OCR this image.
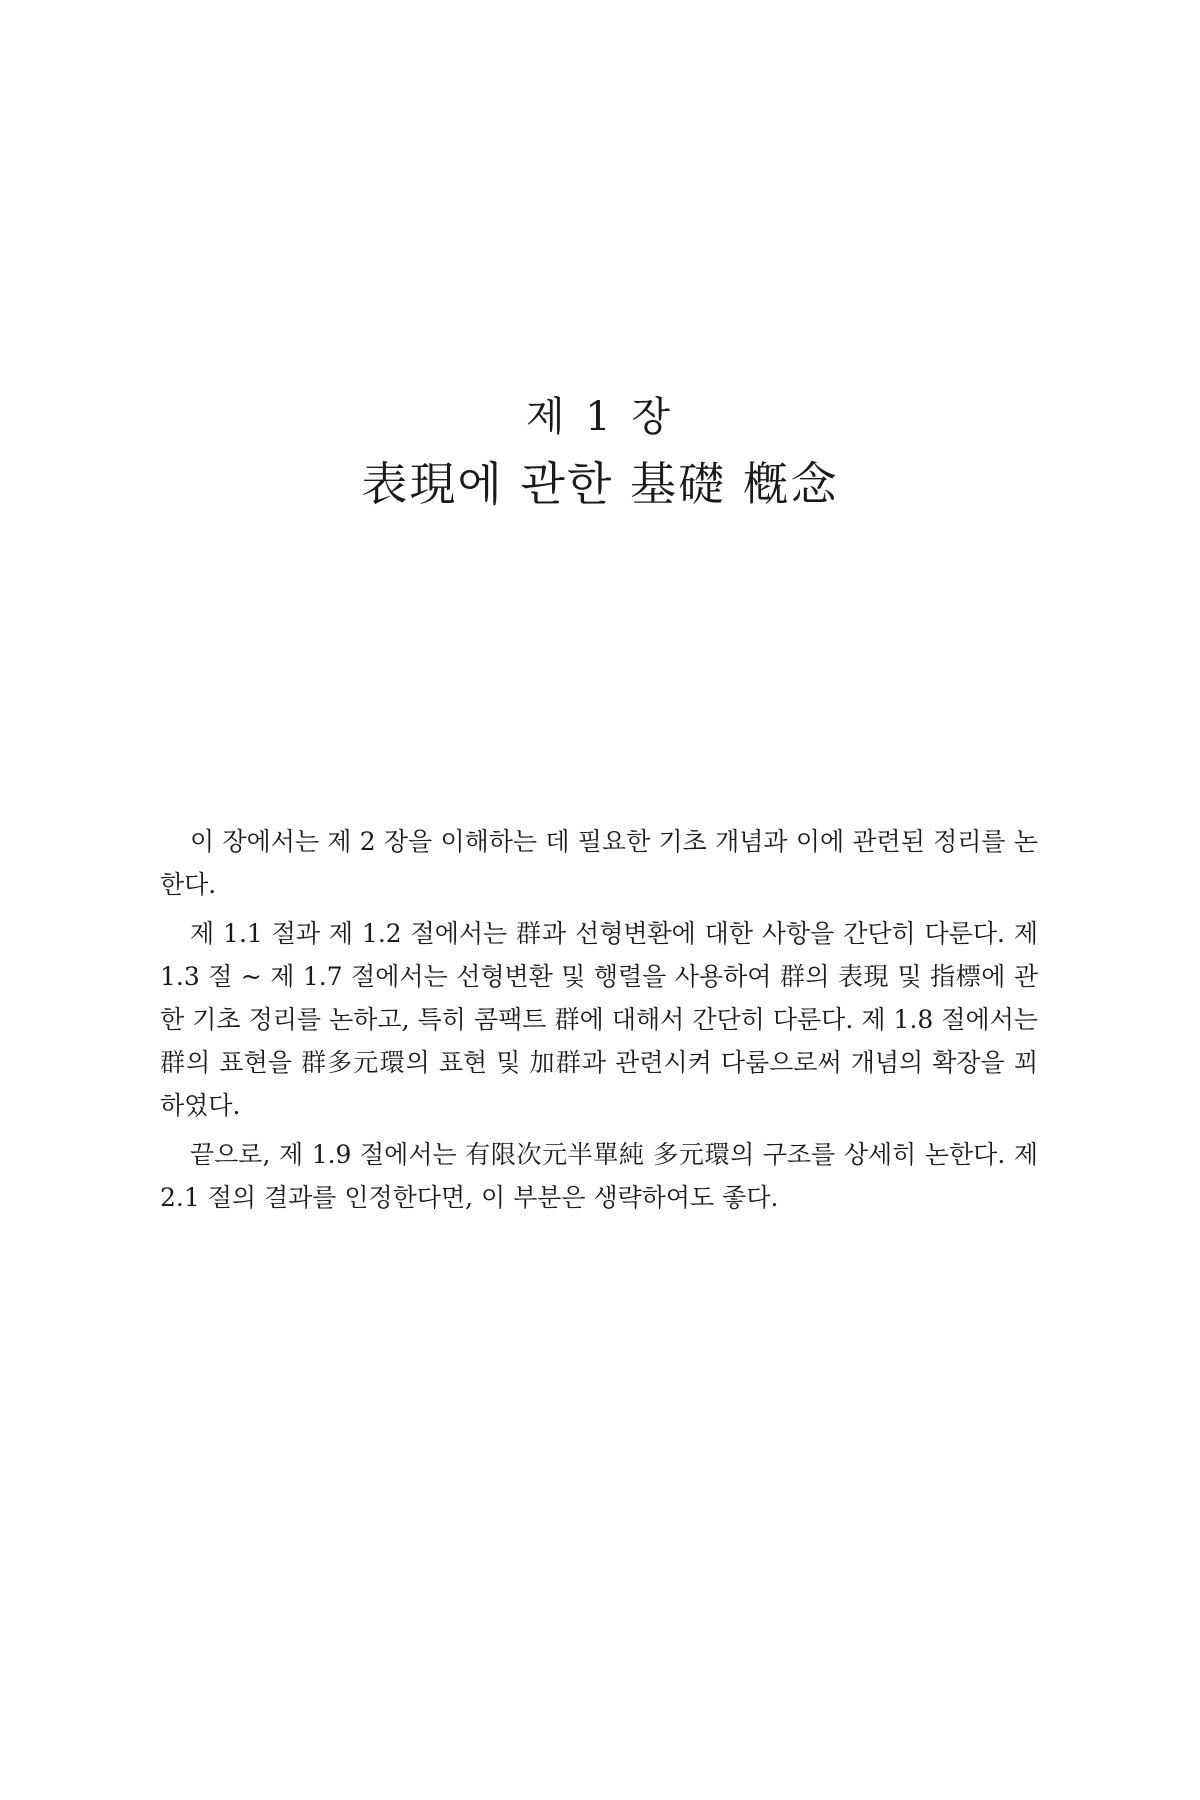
제 1 장
表現에 관한 基礎 槪念

이 장에서는 제 2 장을 이해하는 데 필요한 기초 개념과 이에 관련된 정리를 논한다.

제 1.1 절과 제 1.2 절에서는 群과 선형변환에 대한 사항을 간단히 다룬다. 제 1.3 절 ~ 제 1.7 절에서는 선형변환 및 행렬을 사용하여 群의 表現 및 指標에 관한 기초 정리를 논하고, 특히 콤팩트 群에 대해서 간단히 다룬다. 제 1.8 절에서는 群의 표현을 群多元環의 표현 및 加群과 관련시켜 다룸으로써 개념의 확장을 꾀하였다.

끝으로, 제 1.9 절에서는 有限次元半單純 多元環의 구조를 상세히 논한다. 제 2.1 절의 결과를 인정한다면, 이 부분은 생략하여도 좋다.
